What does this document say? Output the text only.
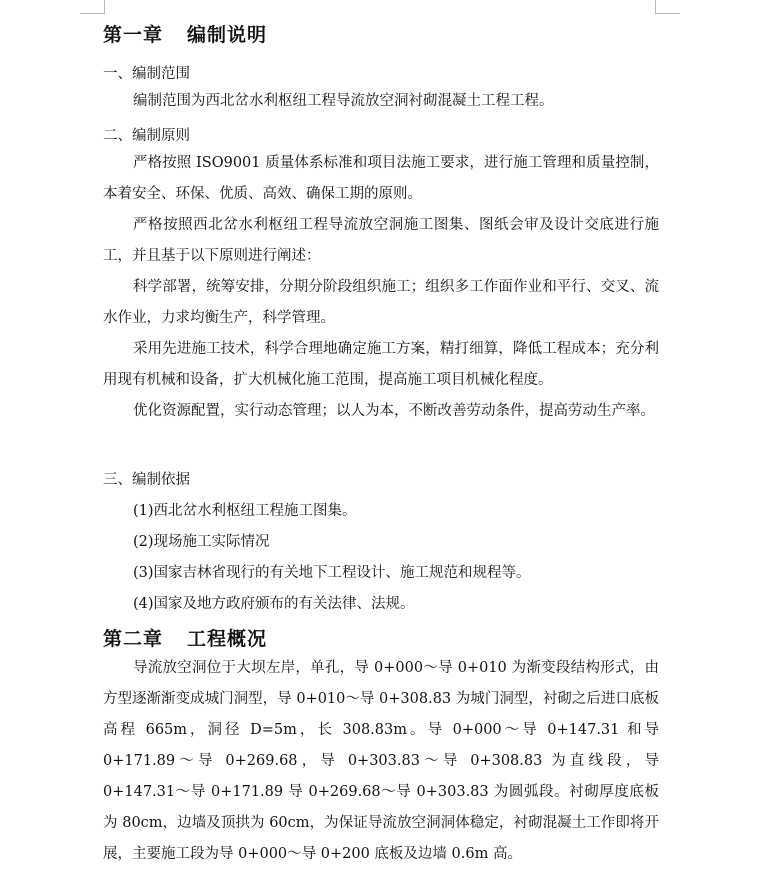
第一章 编制说明
一、编制范围
编制范围为西北岔水利枢纽工程导流放空洞衬砌混凝土工程工程。
二、编制原则
严格按照 ISO9001 质量体系标准和项目法施工要求，进行施工管理和质量控制，本着安全、环保、优质、高效、确保工期的原则。
严格按照西北岔水利枢纽工程导流放空洞施工图集、图纸会审及设计交底进行施工，并且基于以下原则进行阐述：
科学部署，统筹安排，分期分阶段组织施工；组织多工作面作业和平行、交叉、流水作业，力求均衡生产，科学管理。
采用先进施工技术，科学合理地确定施工方案，精打细算，降低工程成本；充分利用现有机械和设备，扩大机械化施工范围，提高施工项目机械化程度。
优化资源配置，实行动态管理；以人为本，不断改善劳动条件，提高劳动生产率。
三、编制依据
(1)西北岔水利枢纽工程施工图集。
(2)现场施工实际情况
(3)国家吉林省现行的有关地下工程设计、施工规范和规程等。
(4)国家及地方政府颁布的有关法律、法规。
第二章 工程概况
导流放空洞位于大坝左岸，单孔，导 0+000～导 0+010 为渐变段结构形式，由方型逐渐渐变成城门洞型，导 0+010～导 0+308.83 为城门洞型，衬砌之后进口底板高程 665m，洞径 D=5m，长 308.83m。导 0+000～导 0+147.31 和导 0+171.89～导 0+269.68，导 0+303.83～导 0+308.83 为直线段，导 0+147.31～导 0+171.89 导 0+269.68～导 0+303.83 为圆弧段。衬砌厚度底板为 80cm，边墙及顶拱为 60cm，为保证导流放空洞洞体稳定，衬砌混凝土工作即将开展，主要施工段为导 0+000～导 0+200 底板及边墙 0.6m 高。
